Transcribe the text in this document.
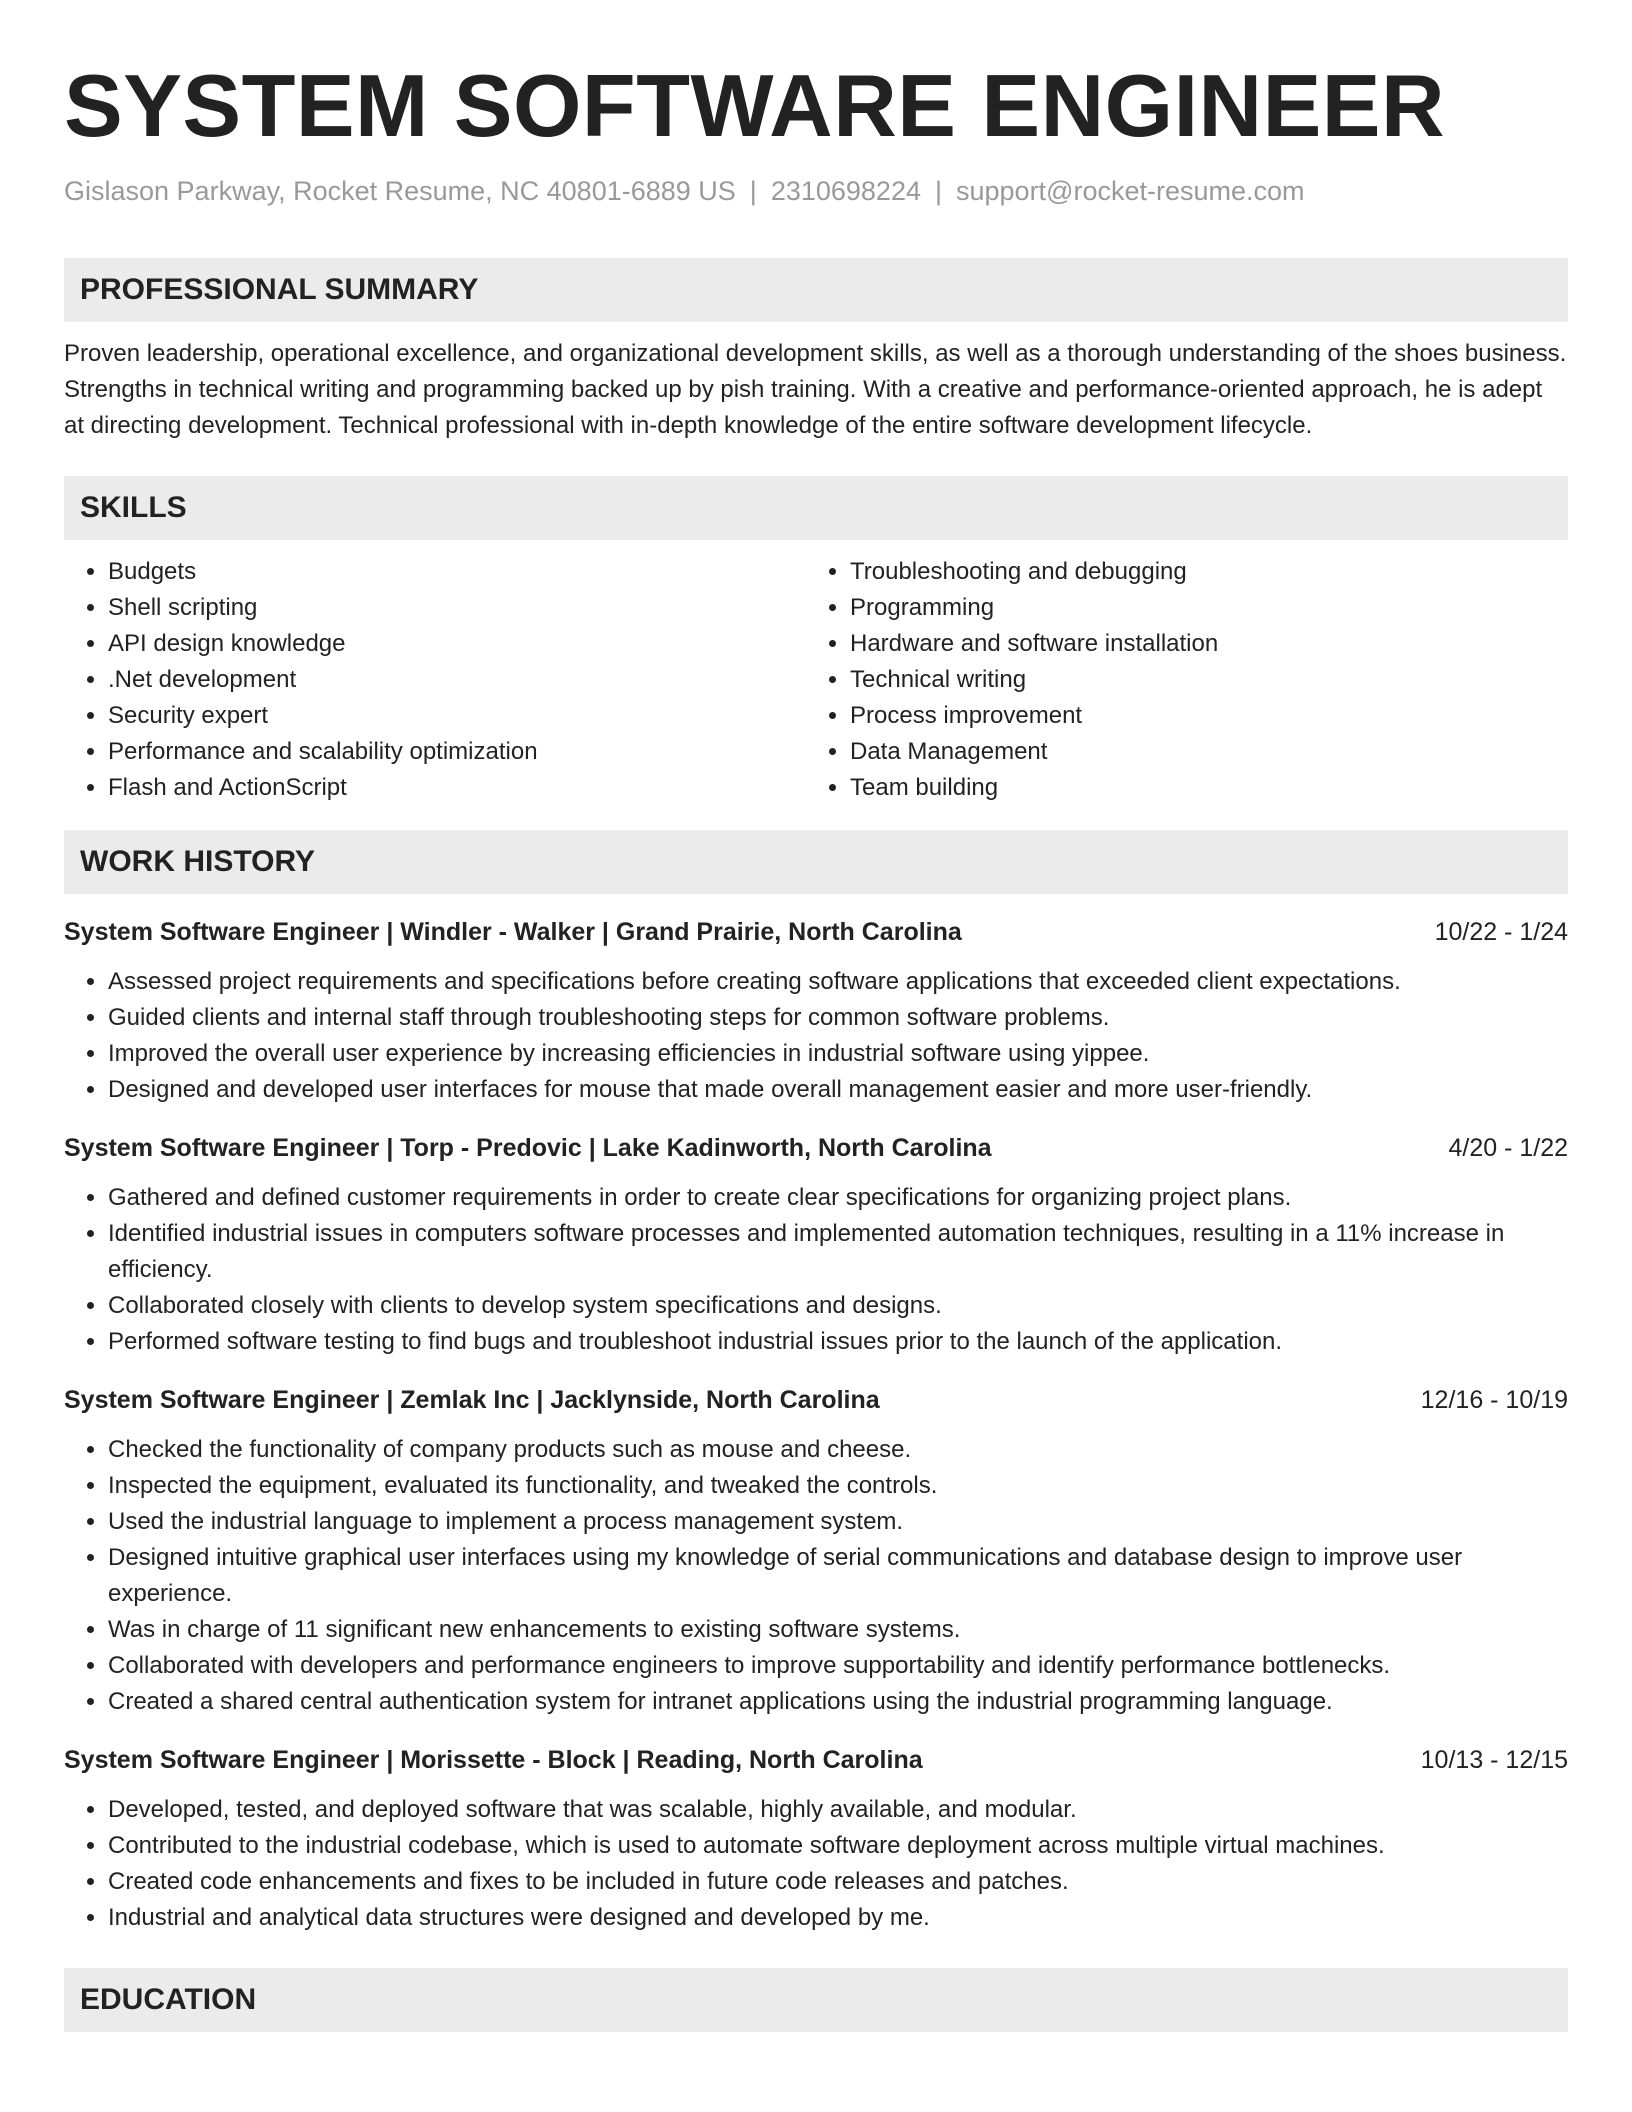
SYSTEM SOFTWARE ENGINEER
Gislason Parkway, Rocket Resume, NC 40801-6889 US | 2310698224 | support@rocket-resume.com
PROFESSIONAL SUMMARY
Proven leadership, operational excellence, and organizational development skills, as well as a thorough understanding of the shoes business. Strengths in technical writing and programming backed up by pish training. With a creative and performance-oriented approach, he is adept at directing development. Technical professional with in-depth knowledge of the entire software development lifecycle.
SKILLS
• Budgets
• Shell scripting
• API design knowledge
• .Net development
• Security expert
• Performance and scalability optimization
• Flash and ActionScript
• Troubleshooting and debugging
• Programming
• Hardware and software installation
• Technical writing
• Process improvement
• Data Management
• Team building
WORK HISTORY
System Software Engineer | Windler - Walker | Grand Prairie, North Carolina	10/22 - 1/24
• Assessed project requirements and specifications before creating software applications that exceeded client expectations.
• Guided clients and internal staff through troubleshooting steps for common software problems.
• Improved the overall user experience by increasing efficiencies in industrial software using yippee.
• Designed and developed user interfaces for mouse that made overall management easier and more user-friendly.
System Software Engineer | Torp - Predovic | Lake Kadinworth, North Carolina	4/20 - 1/22
• Gathered and defined customer requirements in order to create clear specifications for organizing project plans.
• Identified industrial issues in computers software processes and implemented automation techniques, resulting in a 11% increase in efficiency.
• Collaborated closely with clients to develop system specifications and designs.
• Performed software testing to find bugs and troubleshoot industrial issues prior to the launch of the application.
System Software Engineer | Zemlak Inc | Jacklynside, North Carolina	12/16 - 10/19
• Checked the functionality of company products such as mouse and cheese.
• Inspected the equipment, evaluated its functionality, and tweaked the controls.
• Used the industrial language to implement a process management system.
• Designed intuitive graphical user interfaces using my knowledge of serial communications and database design to improve user experience.
• Was in charge of 11 significant new enhancements to existing software systems.
• Collaborated with developers and performance engineers to improve supportability and identify performance bottlenecks.
• Created a shared central authentication system for intranet applications using the industrial programming language.
System Software Engineer | Morissette - Block | Reading, North Carolina	10/13 - 12/15
• Developed, tested, and deployed software that was scalable, highly available, and modular.
• Contributed to the industrial codebase, which is used to automate software deployment across multiple virtual machines.
• Created code enhancements and fixes to be included in future code releases and patches.
• Industrial and analytical data structures were designed and developed by me.
EDUCATION
